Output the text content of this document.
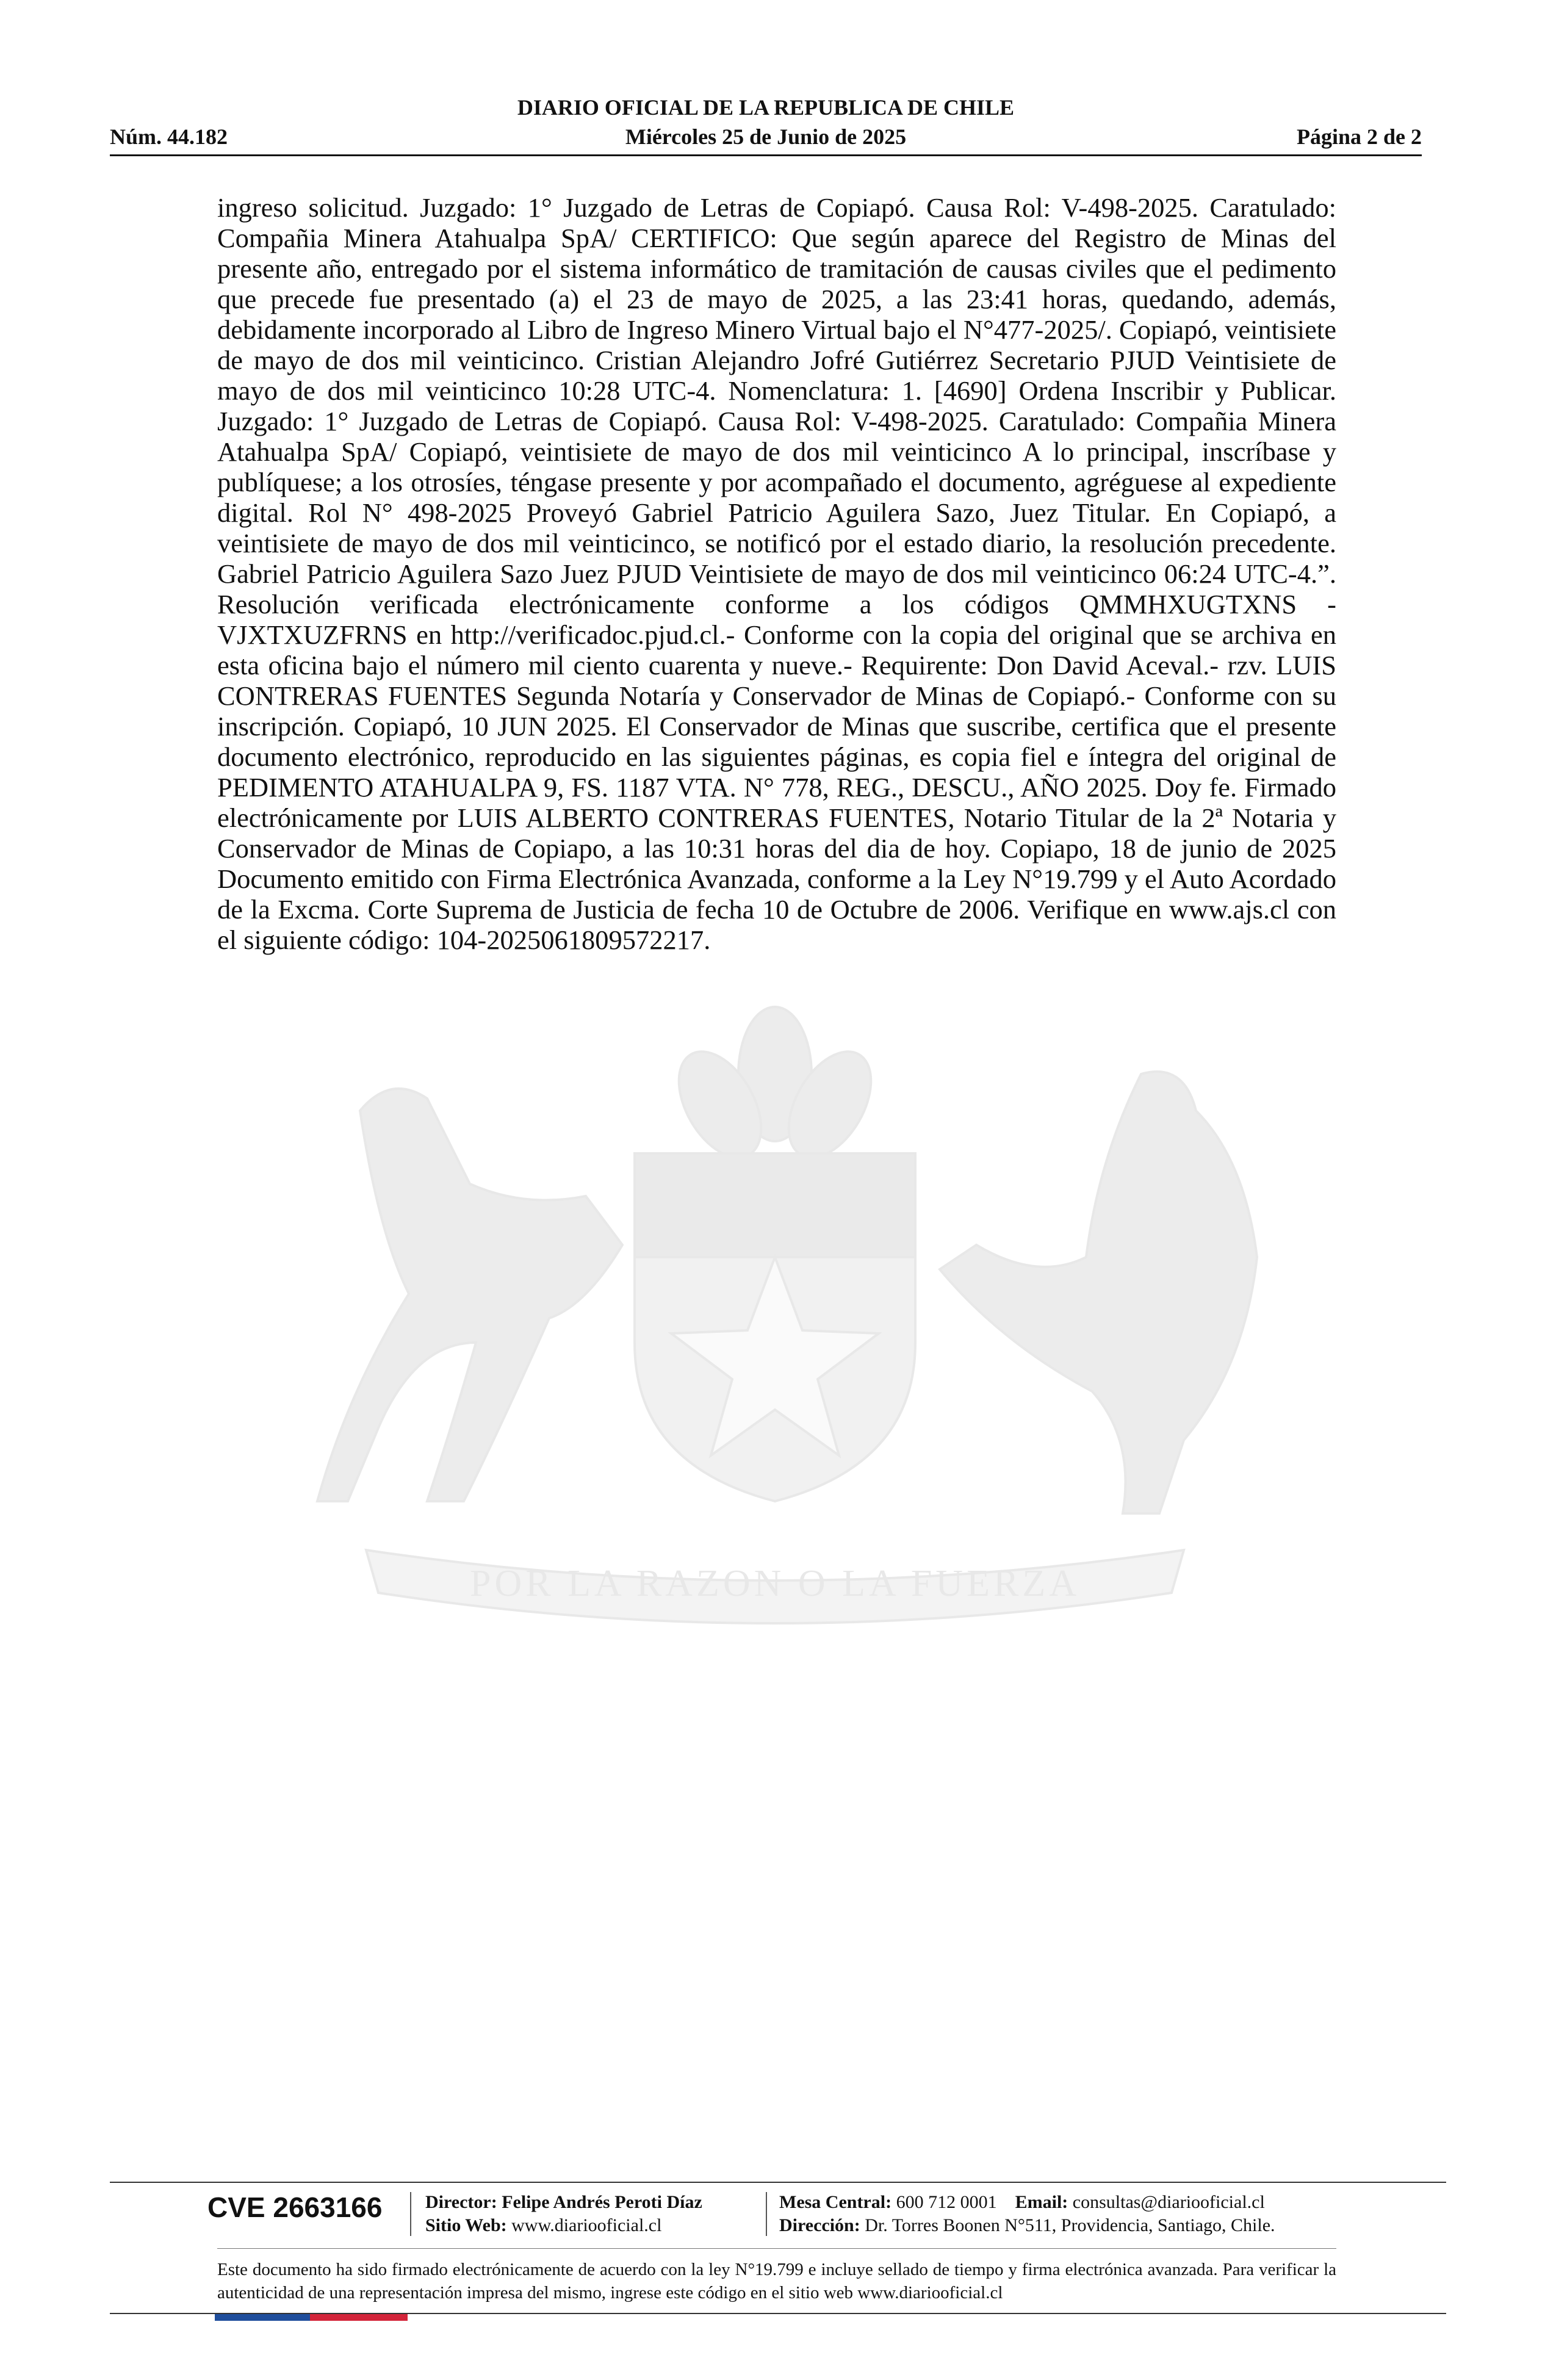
DIARIO OFICIAL DE LA REPUBLICA DE CHILE
Núm. 44.182	Miércoles 25 de Junio de 2025	Página 2 de 2
POR LA RAZON O LA FUERZA
ingreso solicitud. Juzgado: 1° Juzgado de Letras de Copiapó. Causa Rol: V-498-2025. Caratulado: Compañia Minera Atahualpa SpA/ CERTIFICO: Que según aparece del Registro de Minas del presente año, entregado por el sistema informático de tramitación de causas civiles que el pedimento que precede fue presentado (a) el 23 de mayo de 2025, a las 23:41 horas, quedando, además, debidamente incorporado al Libro de Ingreso Minero Virtual bajo el N°477-2025/. Copiapó, veintisiete de mayo de dos mil veinticinco. Cristian Alejandro Jofré Gutiérrez Secretario PJUD Veintisiete de mayo de dos mil veinticinco 10:28 UTC-4. Nomenclatura: 1. [4690] Ordena Inscribir y Publicar. Juzgado: 1° Juzgado de Letras de Copiapó. Causa Rol: V-498-2025. Caratulado: Compañia Minera Atahualpa SpA/ Copiapó, veintisiete de mayo de dos mil veinticinco A lo principal, inscríbase y publíquese; a los otrosíes, téngase presente y por acompañado el documento, agréguese al expediente digital. Rol N° 498-2025 Proveyó Gabriel Patricio Aguilera Sazo, Juez Titular. En Copiapó, a veintisiete de mayo de dos mil veinticinco, se notificó por el estado diario, la resolución precedente. Gabriel Patricio Aguilera Sazo Juez PJUD Veintisiete de mayo de dos mil veinticinco 06:24 UTC-4.”. Resolución verificada electrónicamente conforme a los códigos QMMHXUGTXNS - VJXTXUZFRNS en http://verificadoc.pjud.cl.- Conforme con la copia del original que se archiva en esta oficina bajo el número mil ciento cuarenta y nueve.- Requirente: Don David Aceval.- rzv. LUIS CONTRERAS FUENTES Segunda Notaría y Conservador de Minas de Copiapó.- Conforme con su inscripción. Copiapó, 10 JUN 2025. El Conservador de Minas que suscribe, certifica que el presente documento electrónico, reproducido en las siguientes páginas, es copia fiel e íntegra del original de PEDIMENTO ATAHUALPA 9, FS. 1187 VTA. N° 778, REG., DESCU., AÑO 2025. Doy fe. Firmado electrónicamente por LUIS ALBERTO CONTRERAS FUENTES, Notario Titular de la 2ª Notaria y Conservador de Minas de Copiapo, a las 10:31 horas del dia de hoy. Copiapo, 18 de junio de 2025 Documento emitido con Firma Electrónica Avanzada, conforme a la Ley N°19.799 y el Auto Acordado de la Excma. Corte Suprema de Justicia de fecha 10 de Octubre de 2006. Verifique en www.ajs.cl con el siguiente código: 104-2025061809572217.
CVE 2663166 Director: Felipe Andrés Peroti Díaz
Sitio Web: www.diariooficial.cl
Mesa Central: 600 712 0001 Email: consultas@diariooficial.cl
Dirección: Dr. Torres Boonen N°511, Providencia, Santiago, Chile.
Este documento ha sido firmado electrónicamente de acuerdo con la ley N°19.799 e incluye sellado de tiempo y firma electrónica avanzada. Para verificar la autenticidad de una representación impresa del mismo, ingrese este código en el sitio web www.diariooficial.cl
